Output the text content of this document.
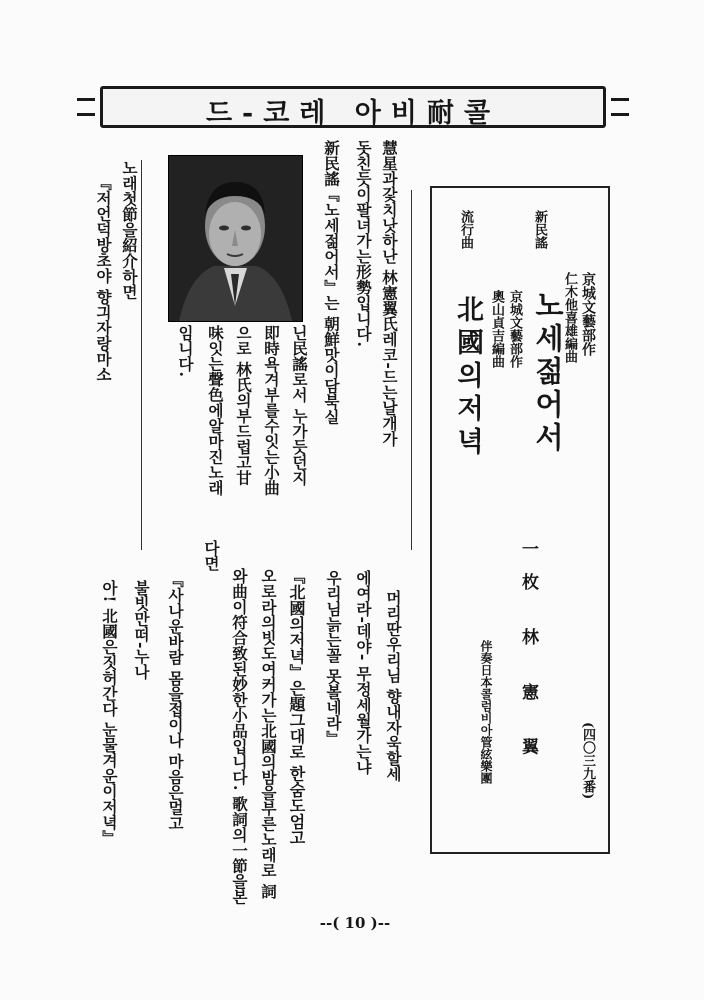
드-코레 아비耐콜
(四〇三九番)
京城文藝部作
仁木他喜雄編曲
新民謠
노세젊어서
京城文藝部作
奧山貞吉編曲
流行曲
北國의저녁
一枚 林 憲 翼
伴奏日本콜럼비아管絃樂團
慧星과갗치낫하난 林憲翼氏레코-드는날개가
돗친듯이팔녀가는形勢입니다.
新民謠『노세젊어서』는 朝鮮맛이담북실
닌民謠로서 누가듯던지
即時욕겨부를수잇는小曲
으로 林氏의부드럽고甘
味잇는聲色에알마진노래
임니다.
노래첫節을紹介하면
『저언덕방초야 향긔자랑마소
머리딴우리님 향내자욱할세
에여라-데야- 무정세월가는냐
우리님늙는꼴 못볼네라』
『北國의저녁』은題그대로 한숨도엄고
오로라의빗도여커가는北國의밤을부른노래로 詞
와曲이符合致된妙한小品입니다. 歌詞의一節을본
다면
『사나운바람 몸을접이나 마음은멀고
불빗만떠-누나
아! 北國은짓허간다 눈물겨운이저녁』
--( 10 )--
